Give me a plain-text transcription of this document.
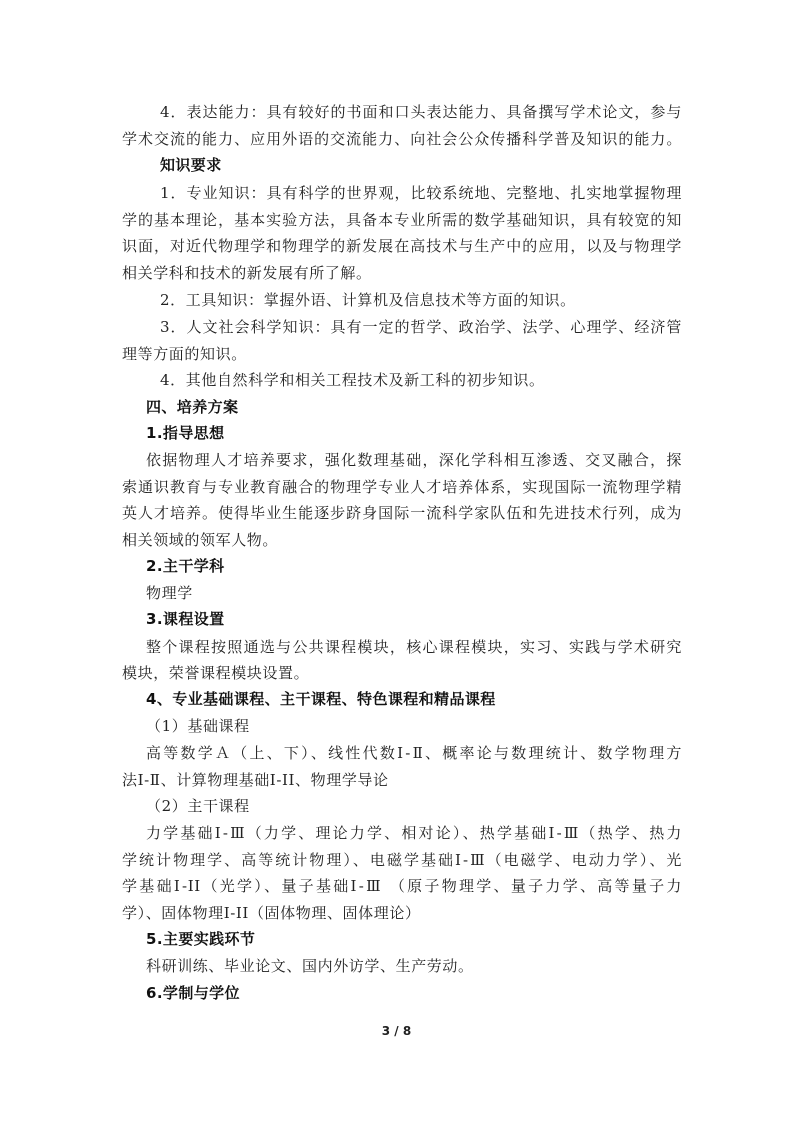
4．表达能力：具有较好的书面和口头表达能力、具备撰写学术论文，参与
学术交流的能力、应用外语的交流能力、向社会公众传播科学普及知识的能力。
知识要求
1．专业知识：具有科学的世界观，比较系统地、完整地、扎实地掌握物理
学的基本理论，基本实验方法，具备本专业所需的数学基础知识，具有较宽的知
识面，对近代物理学和物理学的新发展在高技术与生产中的应用，以及与物理学
相关学科和技术的新发展有所了解。
2．工具知识：掌握外语、计算机及信息技术等方面的知识。
3．人文社会科学知识：具有一定的哲学、政治学、法学、心理学、经济管
理等方面的知识。
4．其他自然科学和相关工程技术及新工科的初步知识。
四、培养方案
1.指导思想
依据物理人才培养要求，强化数理基础，深化学科相互渗透、交叉融合，探
索通识教育与专业教育融合的物理学专业人才培养体系，实现国际一流物理学精
英人才培养。使得毕业生能逐步跻身国际一流科学家队伍和先进技术行列，成为
相关领域的领军人物。
2.主干学科
物理学
3.课程设置
整个课程按照通选与公共课程模块，核心课程模块，实习、实践与学术研究
模块，荣誉课程模块设置。
4、专业基础课程、主干课程、特色课程和精品课程
（1）基础课程
高等数学Ａ（上、下）、线性代数Ⅰ-Ⅱ、概率论与数理统计、数学物理方
法Ⅰ-Ⅱ、计算物理基础Ⅰ-II、物理学导论
（2）主干课程
力学基础Ⅰ-Ⅲ（力学、理论力学、相对论）、热学基础Ⅰ-Ⅲ（热学、热力
学统计物理学、高等统计物理）、电磁学基础Ⅰ-Ⅲ（电磁学、电动力学）、光
学基础Ⅰ-II（光学）、量子基础Ⅰ-Ⅲ （原子物理学、量子力学、高等量子力
学）、固体物理Ⅰ-II（固体物理、固体理论）
5.主要实践环节
科研训练、毕业论文、国内外访学、生产劳动。
6.学制与学位
3 / 8
